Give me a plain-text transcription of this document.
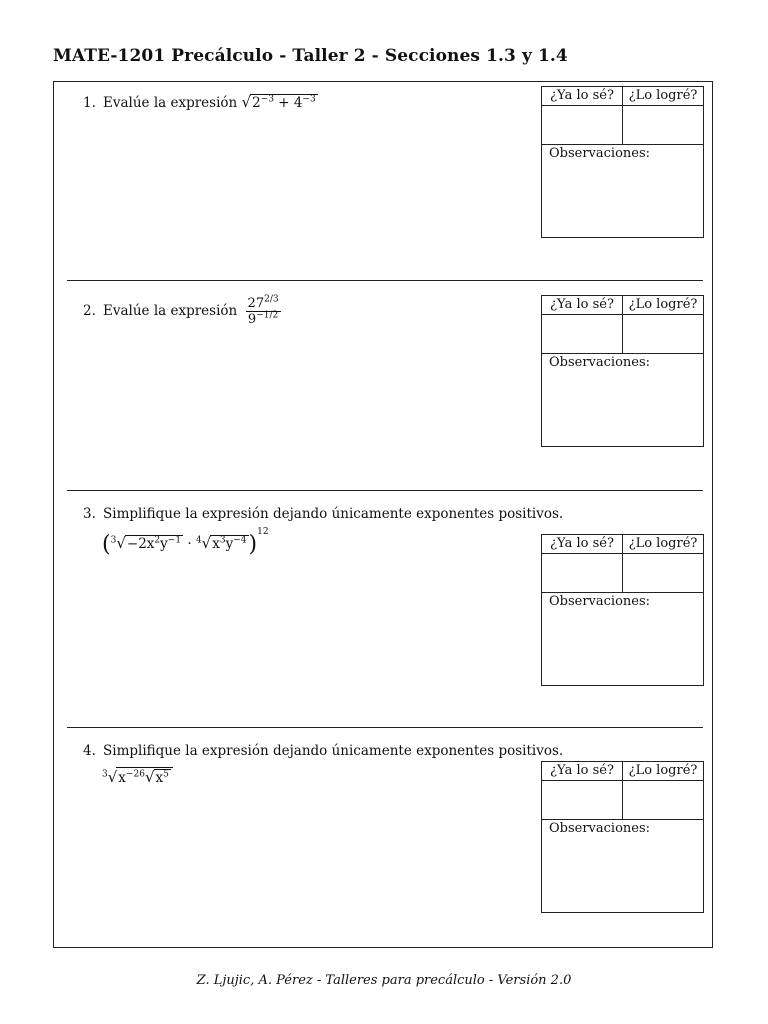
MATE-1201 Precálculo - Taller 2 - Secciones 1.3 y 1.4
1. Evalúe la expresión $√2^{-3} + 4^{-3}$	¿Ya lo sé?	¿Lo logré?
Observaciones:
2. Evalúe la expresión $\frac{27^{2/3}}{9^{-1/2}}$	¿Ya lo sé?	¿Lo logré?
Observaciones:
3. Simplifique la expresión dejando únicamente exponentes positivos.
$(^3√-2x^2y^{-1} \cdot ^4√x^3y^{-4})^{12}$
¿Ya lo sé?	¿Lo logré?
Observaciones:
4. Simplifique la expresión dejando únicamente exponentes positivos.
$^3√x^{-26}√x^5$	¿Ya lo sé?	¿Lo logré?
Observaciones:
Z. Ljujic, A. Pérez - Talleres para precálculo - Versión 2.0
